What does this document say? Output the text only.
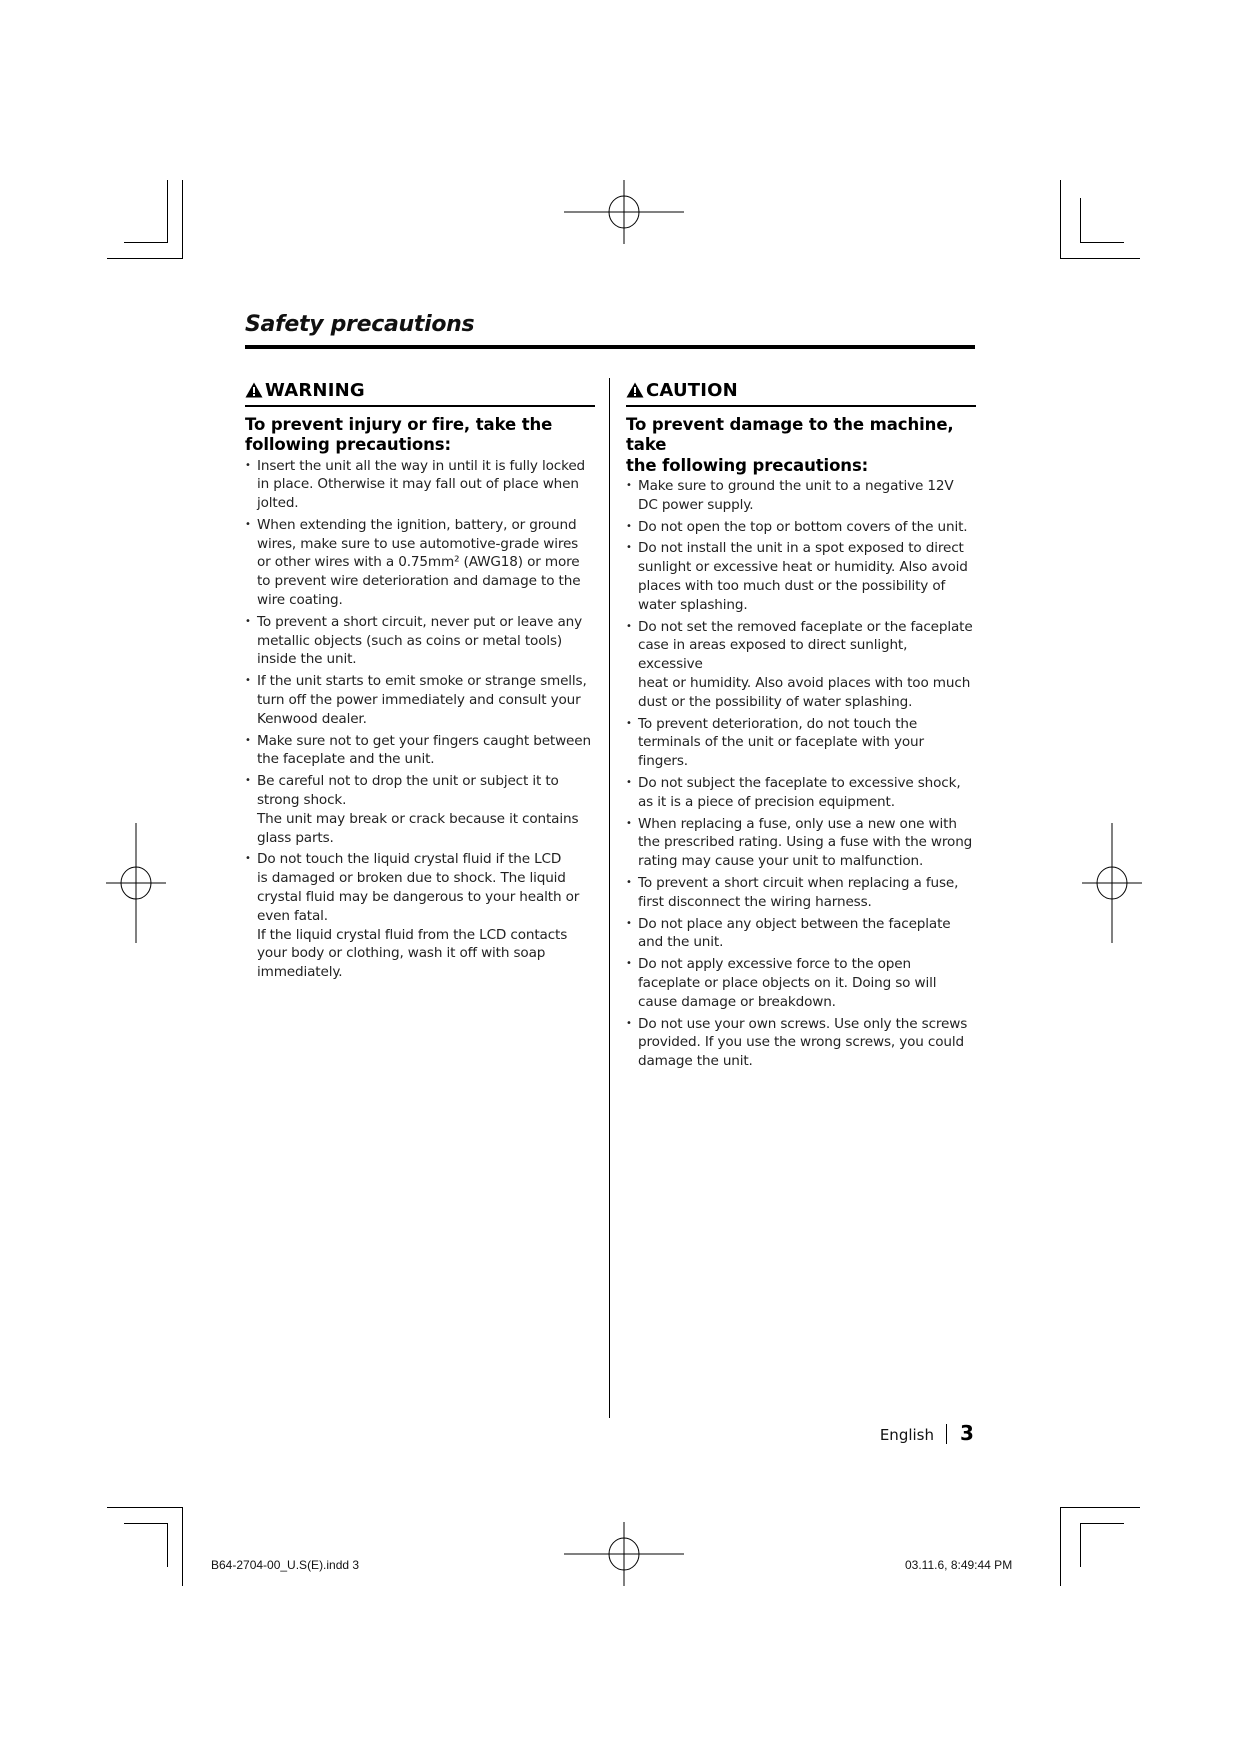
Safety precautions
WARNING
To prevent injury or fire, take the
following precautions:
• Insert the unit all the way in until it is fully locked
in place. Otherwise it may fall out of place when
jolted.
• When extending the ignition, battery, or ground
wires, make sure to use automotive-grade wires
or other wires with a 0.75mm² (AWG18) or more
to prevent wire deterioration and damage to the
wire coating.
• To prevent a short circuit, never put or leave any
metallic objects (such as coins or metal tools)
inside the unit.
• If the unit starts to emit smoke or strange smells,
turn off the power immediately and consult your
Kenwood dealer.
• Make sure not to get your fingers caught between
the faceplate and the unit.
• Be careful not to drop the unit or subject it to
strong shock.
The unit may break or crack because it contains
glass parts.
• Do not touch the liquid crystal fluid if the LCD
is damaged or broken due to shock. The liquid
crystal fluid may be dangerous to your health or
even fatal.
If the liquid crystal fluid from the LCD contacts
your body or clothing, wash it off with soap
immediately.
CAUTION
To prevent damage to the machine, take
the following precautions:
• Make sure to ground the unit to a negative 12V
DC power supply.
• Do not open the top or bottom covers of the unit.
• Do not install the unit in a spot exposed to direct
sunlight or excessive heat or humidity. Also avoid
places with too much dust or the possibility of
water splashing.
• Do not set the removed faceplate or the faceplate
case in areas exposed to direct sunlight, excessive
heat or humidity. Also avoid places with too much
dust or the possibility of water splashing.
• To prevent deterioration, do not touch the
terminals of the unit or faceplate with your
fingers.
• Do not subject the faceplate to excessive shock,
as it is a piece of precision equipment.
• When replacing a fuse, only use a new one with
the prescribed rating. Using a fuse with the wrong
rating may cause your unit to malfunction.
• To prevent a short circuit when replacing a fuse,
first disconnect the wiring harness.
• Do not place any object between the faceplate
and the unit.
• Do not apply excessive force to the open
faceplate or place objects on it. Doing so will
cause damage or breakdown.
• Do not use your own screws. Use only the screws
provided. If you use the wrong screws, you could
damage the unit.
English 3
B64-2704-00_U.S(E).indd 3	03.11.6, 8:49:44 PM
